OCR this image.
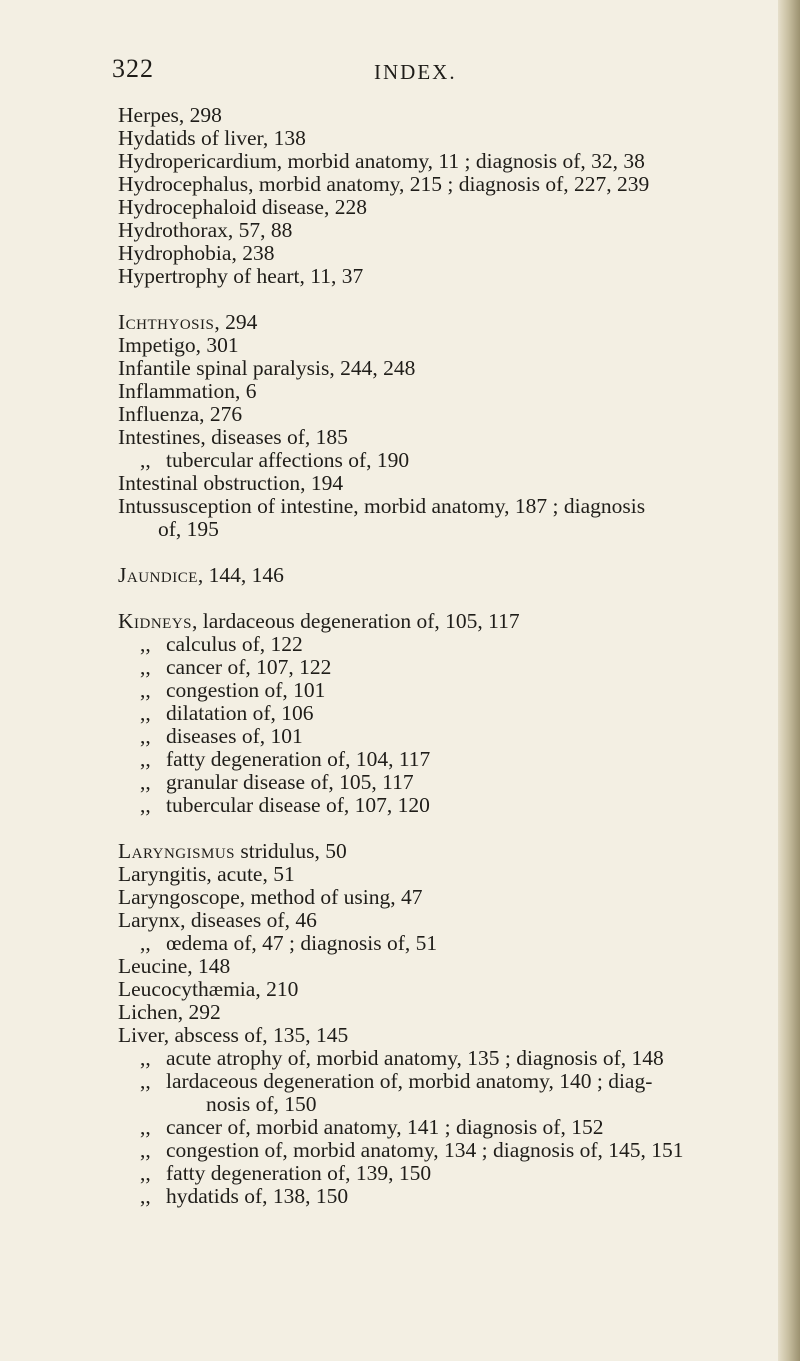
322	INDEX.
Herpes, 298
Hydatids of liver, 138
Hydropericardium, morbid anatomy, 11 ; diagnosis of, 32, 38
Hydrocephalus, morbid anatomy, 215 ; diagnosis of, 227, 239
Hydrocephaloid disease, 228
Hydrothorax, 57, 88
Hydrophobia, 238
Hypertrophy of heart, 11, 37
Ichthyosis, 294
Impetigo, 301
Infantile spinal paralysis, 244, 248
Inflammation, 6
Influenza, 276
Intestines, diseases of, 185
,, tubercular affections of, 190
Intestinal obstruction, 194
Intussusception of intestine, morbid anatomy, 187 ; diagnosis
of, 195
Jaundice, 144, 146
Kidneys, lardaceous degeneration of, 105, 117
,, calculus of, 122
,, cancer of, 107, 122
,, congestion of, 101
,, dilatation of, 106
,, diseases of, 101
,, fatty degeneration of, 104, 117
,, granular disease of, 105, 117
,, tubercular disease of, 107, 120
Laryngismus stridulus, 50
Laryngitis, acute, 51
Laryngoscope, method of using, 47
Larynx, diseases of, 46
,, œdema of, 47 ; diagnosis of, 51
Leucine, 148
Leucocythæmia, 210
Lichen, 292
Liver, abscess of, 135, 145
,, acute atrophy of, morbid anatomy, 135 ; diagnosis of, 148
,, lardaceous degeneration of, morbid anatomy, 140 ; diag-
nosis of, 150
,, cancer of, morbid anatomy, 141 ; diagnosis of, 152
,, congestion of, morbid anatomy, 134 ; diagnosis of, 145, 151
,, fatty degeneration of, 139, 150
,, hydatids of, 138, 150
